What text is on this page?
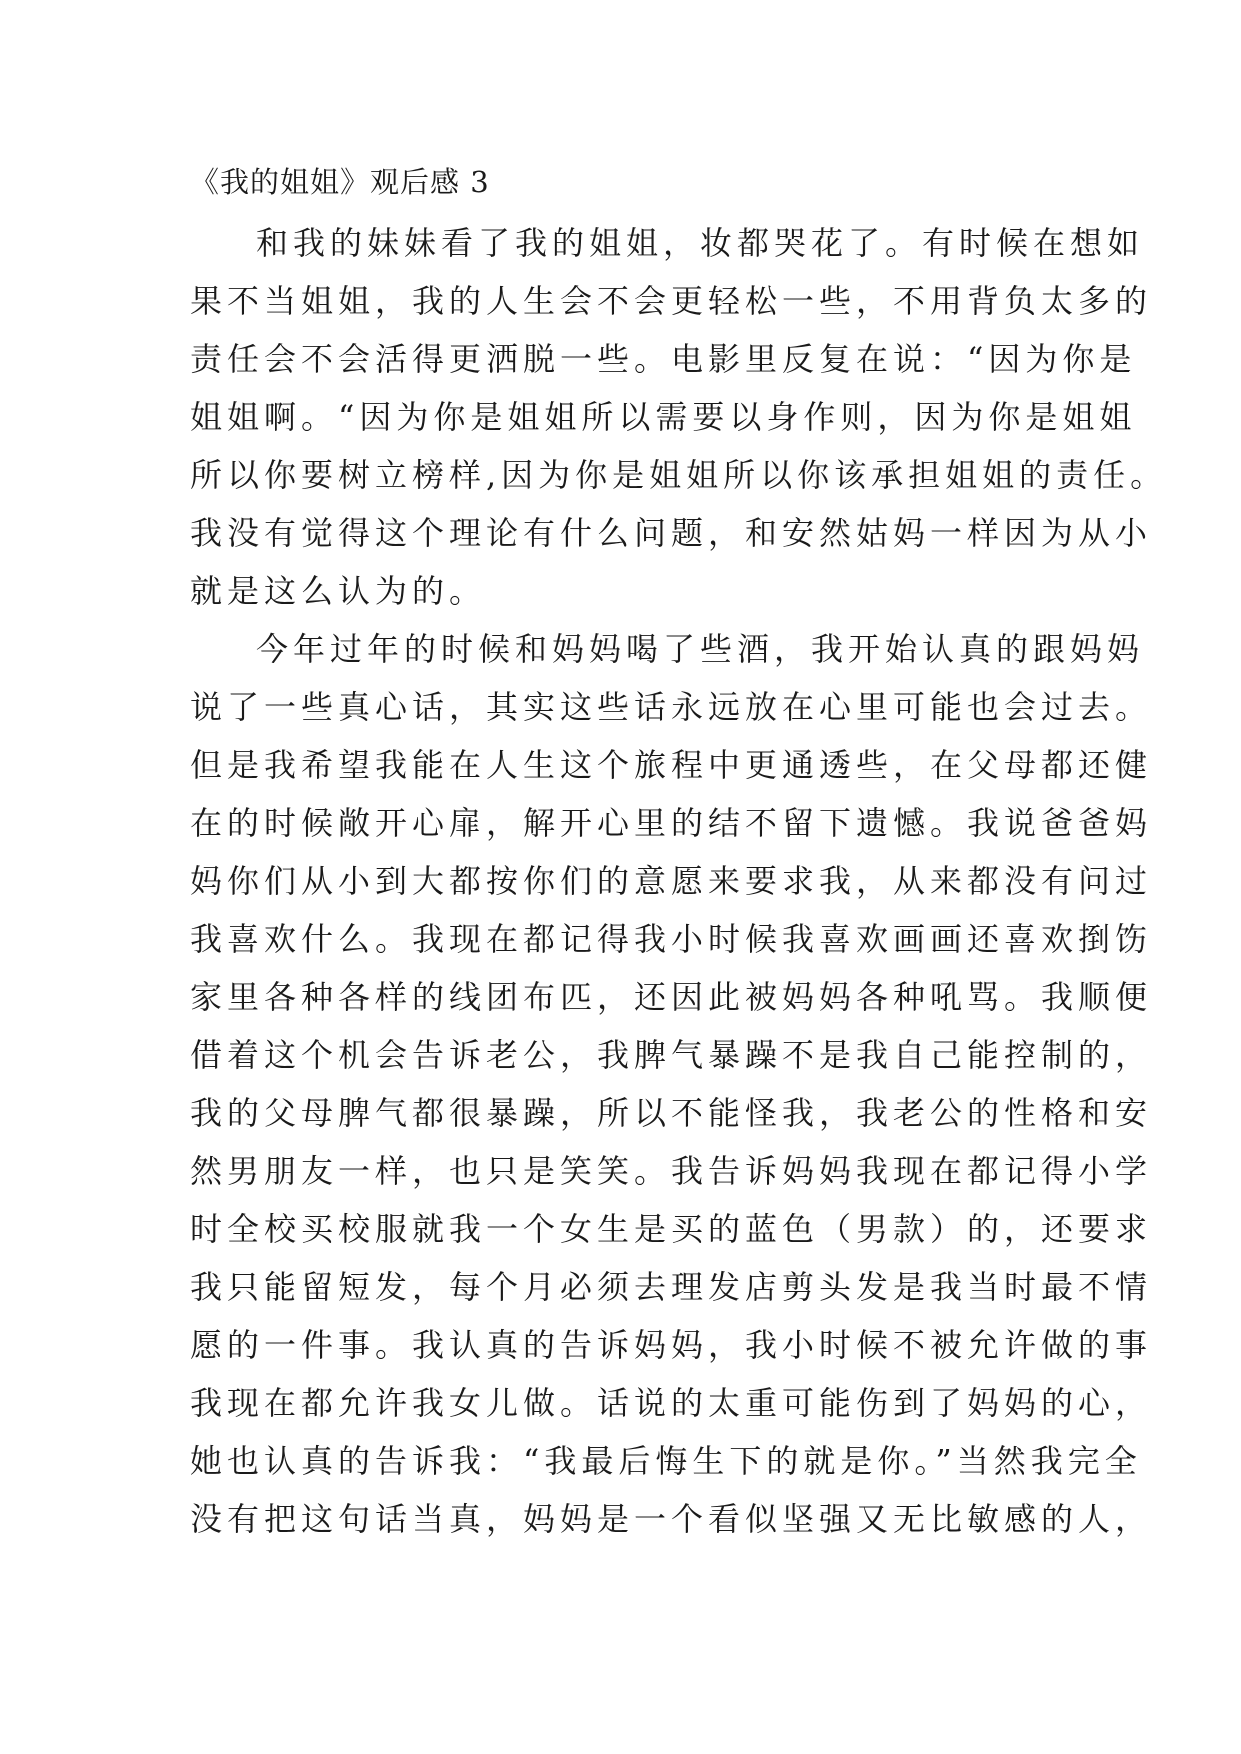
《我的姐姐》观后感 3
和我的妹妹看了我的姐姐，妆都哭花了。有时候在想如
果不当姐姐，我的人生会不会更轻松一些，不用背负太多的
责任会不会活得更洒脱一些。电影里反复在说：“因为你是
姐姐啊。“因为你是姐姐所以需要以身作则，因为你是姐姐
所以你要树立榜样,因为你是姐姐所以你该承担姐姐的责任。
我没有觉得这个理论有什么问题，和安然姑妈一样因为从小
就是这么认为的。
今年过年的时候和妈妈喝了些酒，我开始认真的跟妈妈
说了一些真心话，其实这些话永远放在心里可能也会过去。
但是我希望我能在人生这个旅程中更通透些，在父母都还健
在的时候敞开心扉，解开心里的结不留下遗憾。我说爸爸妈
妈你们从小到大都按你们的意愿来要求我，从来都没有问过
我喜欢什么。我现在都记得我小时候我喜欢画画还喜欢捯饬
家里各种各样的线团布匹，还因此被妈妈各种吼骂。我顺便
借着这个机会告诉老公，我脾气暴躁不是我自己能控制的，
我的父母脾气都很暴躁，所以不能怪我，我老公的性格和安
然男朋友一样，也只是笑笑。我告诉妈妈我现在都记得小学
时全校买校服就我一个女生是买的蓝色（男款）的，还要求
我只能留短发，每个月必须去理发店剪头发是我当时最不情
愿的一件事。我认真的告诉妈妈，我小时候不被允许做的事
我现在都允许我女儿做。话说的太重可能伤到了妈妈的心，
她也认真的告诉我：“我最后悔生下的就是你。”当然我完全
没有把这句话当真，妈妈是一个看似坚强又无比敏感的人，
